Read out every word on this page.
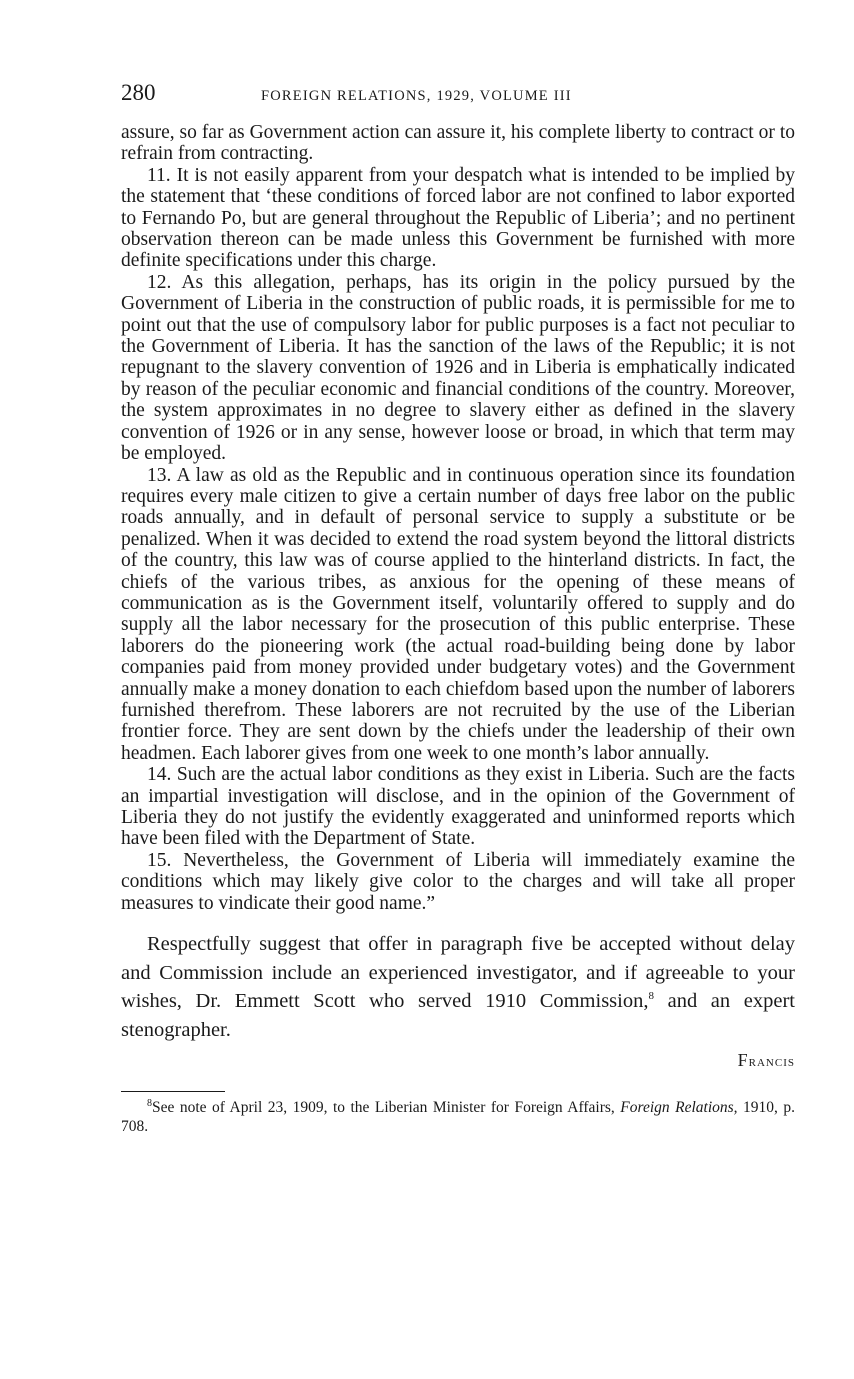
280	FOREIGN RELATIONS, 1929, VOLUME III

assure, so far as Government action can assure it, his complete liberty to contract or to refrain from contracting.

11. It is not easily apparent from your despatch what is intended to be implied by the statement that ‘these conditions of forced labor are not confined to labor exported to Fernando Po, but are general throughout the Republic of Liberia’; and no pertinent observation thereon can be made unless this Government be furnished with more definite specifications under this charge.

12. As this allegation, perhaps, has its origin in the policy pursued by the Government of Liberia in the construction of public roads, it is permissible for me to point out that the use of compulsory labor for public purposes is a fact not peculiar to the Government of Liberia. It has the sanction of the laws of the Republic; it is not repugnant to the slavery convention of 1926 and in Liberia is emphatically indicated by reason of the peculiar economic and financial conditions of the country. Moreover, the system approximates in no degree to slavery either as defined in the slavery convention of 1926 or in any sense, however loose or broad, in which that term may be employed.

13. A law as old as the Republic and in continuous operation since its foundation requires every male citizen to give a certain number of days free labor on the public roads annually, and in default of personal service to supply a substitute or be penalized. When it was decided to extend the road system beyond the littoral districts of the country, this law was of course applied to the hinterland districts. In fact, the chiefs of the various tribes, as anxious for the opening of these means of communication as is the Government itself, voluntarily offered to supply and do supply all the labor necessary for the prosecution of this public enterprise. These laborers do the pioneering work (the actual road-building being done by labor companies paid from money provided under budgetary votes) and the Government annually make a money donation to each chiefdom based upon the number of laborers furnished therefrom. These laborers are not recruited by the use of the Liberian frontier force. They are sent down by the chiefs under the leadership of their own headmen. Each laborer gives from one week to one month’s labor annually.

14. Such are the actual labor conditions as they exist in Liberia. Such are the facts an impartial investigation will disclose, and in the opinion of the Government of Liberia they do not justify the evidently exaggerated and uninformed reports which have been filed with the Department of State.

15. Nevertheless, the Government of Liberia will immediately examine the conditions which may likely give color to the charges and will take all proper measures to vindicate their good name.”

Respectfully suggest that offer in paragraph five be accepted without delay and Commission include an experienced investigator, and if agreeable to your wishes, Dr. Emmett Scott who served 1910 Commission,$^8$ and an expert stenographer.

Francis

$^8$See note of April 23, 1909, to the Liberian Minister for Foreign Affairs, Foreign Relations, 1910, p. 708.
